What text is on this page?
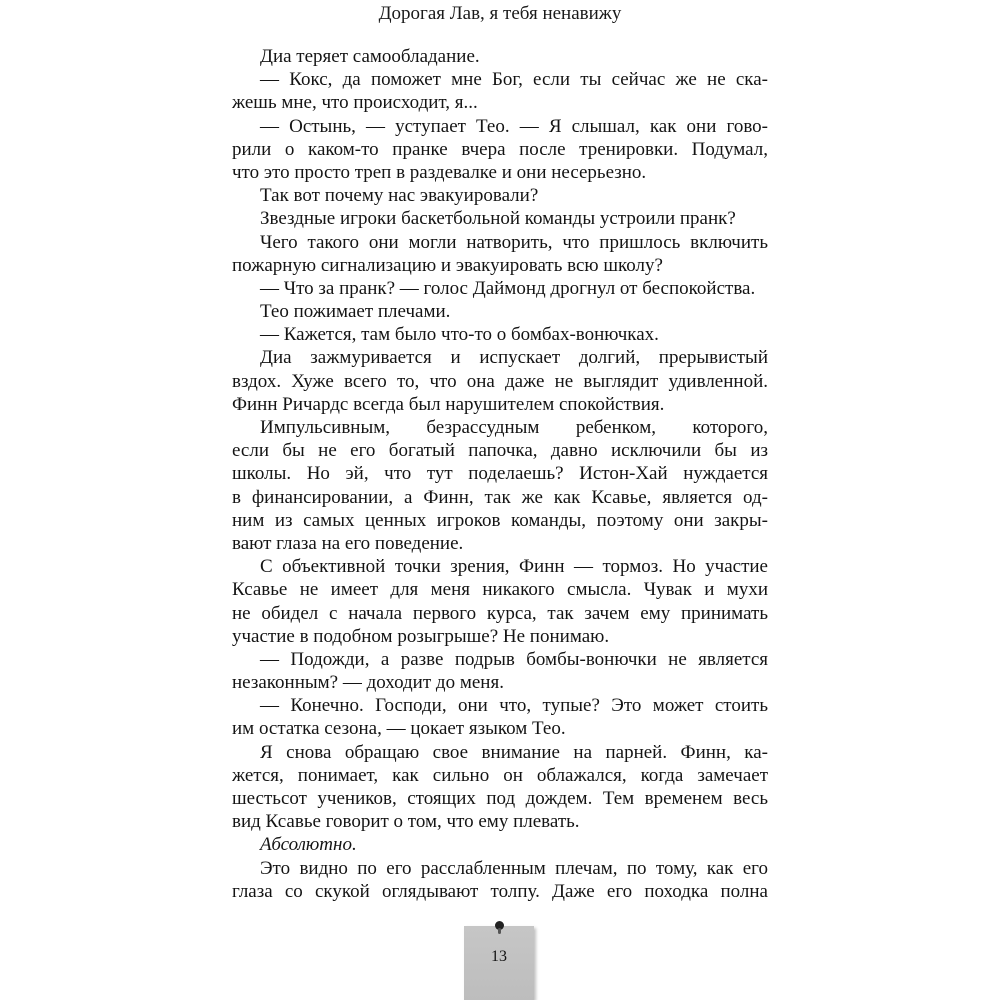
Дорогая Лав, я тебя ненавижу
Диа теряет самообладание.
— Кокс, да поможет мне Бог, если ты сейчас же не ска-
жешь мне, что происходит, я...
— Остынь, — уступает Тео. — Я слышал, как они гово-
рили о каком-то пранке вчера после тренировки. Подумал,
что это просто треп в раздевалке и они несерьезно.
Так вот почему нас эвакуировали?
Звездные игроки баскетбольной команды устроили пранк?
Чего такого они могли натворить, что пришлось включить
пожарную сигнализацию и эвакуировать всю школу?
— Что за пранк? — голос Даймонд дрогнул от беспокойства.
Тео пожимает плечами.
— Кажется, там было что-то о бомбах-вонючках.
Диа зажмуривается и испускает долгий, прерывистый
вздох. Хуже всего то, что она даже не выглядит удивленной.
Финн Ричардс всегда был нарушителем спокойствия.
Импульсивным, безрассудным ребенком, которого,
если бы не его богатый папочка, давно исключили бы из
школы. Но эй, что тут поделаешь? Истон-Хай нуждается
в финансировании, а Финн, так же как Ксавье, является од-
ним из самых ценных игроков команды, поэтому они закры-
вают глаза на его поведение.
С объективной точки зрения, Финн — тормоз. Но участие
Ксавье не имеет для меня никакого смысла. Чувак и мухи
не обидел с начала первого курса, так зачем ему принимать
участие в подобном розыгрыше? Не понимаю.
— Подожди, а разве подрыв бомбы-вонючки не является
незаконным? — доходит до меня.
— Конечно. Господи, они что, тупые? Это может стоить
им остатка сезона, — цокает языком Тео.
Я снова обращаю свое внимание на парней. Финн, ка-
жется, понимает, как сильно он облажался, когда замечает
шестьсот учеников, стоящих под дождем. Тем временем весь
вид Ксавье говорит о том, что ему плевать.
Абсолютно.
Это видно по его расслабленным плечам, по тому, как его
глаза со скукой оглядывают толпу. Даже его походка полна
13
